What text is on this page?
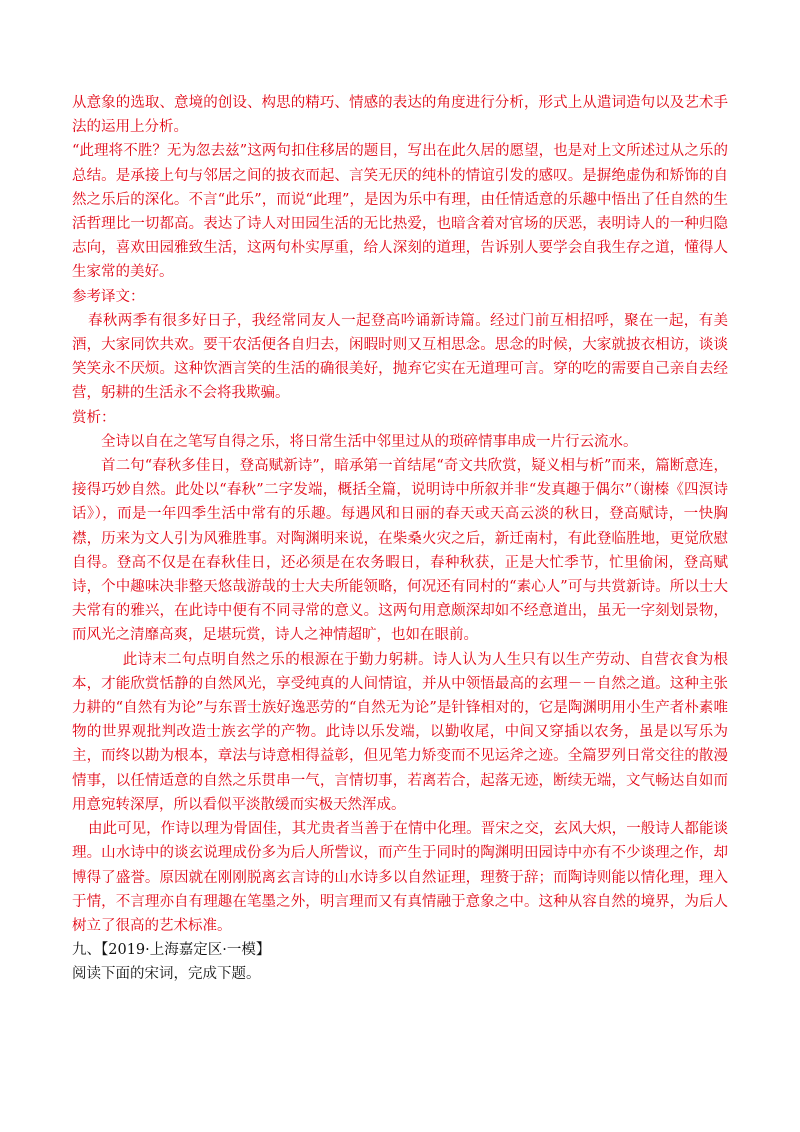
从意象的选取、意境的创设、构思的精巧、情感的表达的角度进行分析，形式上从遣词造句以及艺术手法的运用上分析。

“此理将不胜？无为忽去兹”这两句扣住移居的题目，写出在此久居的愿望，也是对上文所述过从之乐的总结。是承接上句与邻居之间的披衣而起、言笑无厌的纯朴的情谊引发的感叹。是摒绝虚伪和矫饰的自然之乐后的深化。不言“此乐”，而说“此理”，是因为乐中有理，由任情适意的乐趣中悟出了任自然的生活哲理比一切都高。表达了诗人对田园生活的无比热爱，也暗含着对官场的厌恶，表明诗人的一种归隐志向，喜欢田园雅致生活，这两句朴实厚重，给人深刻的道理，告诉别人要学会自我生存之道，懂得人生家常的美好。

参考译文：

春秋两季有很多好日子，我经常同友人一起登高吟诵新诗篇。经过门前互相招呼，聚在一起，有美酒，大家同饮共欢。要干农活便各自归去，闲暇时则又互相思念。思念的时候，大家就披衣相访，谈谈笑笑永不厌烦。这种饮酒言笑的生活的确很美好，抛弃它实在无道理可言。穿的吃的需要自己亲自去经营，躬耕的生活永不会将我欺骗。

赏析：

全诗以自在之笔写自得之乐，将日常生活中邻里过从的琐碎情事串成一片行云流水。

首二句“春秋多佳日，登高赋新诗”，暗承第一首结尾“奇文共欣赏，疑义相与析”而来，篇断意连，接得巧妙自然。此处以“春秋”二字发端，概括全篇，说明诗中所叙并非“发真趣于偶尔”（谢榛《四溟诗话》），而是一年四季生活中常有的乐趣。每遇风和日丽的春天或天高云淡的秋日，登高赋诗，一快胸襟，历来为文人引为风雅胜事。对陶渊明来说，在柴桑火灾之后，新迁南村，有此登临胜地，更觉欣慰自得。登高不仅是在春秋佳日，还必须是在农务暇日，春种秋获，正是大忙季节，忙里偷闲，登高赋诗，个中趣味决非整天悠哉游哉的士大夫所能领略，何况还有同村的“素心人”可与共赏新诗。所以士大夫常有的雅兴，在此诗中便有不同寻常的意义。这两句用意颇深却如不经意道出，虽无一字刻划景物，而风光之清靡高爽，足堪玩赏，诗人之神情超旷，也如在眼前。

此诗末二句点明自然之乐的根源在于勤力躬耕。诗人认为人生只有以生产劳动、自营衣食为根本，才能欣赏恬静的自然风光，享受纯真的人间情谊，并从中领悟最高的玄理－－自然之道。这种主张力耕的“自然有为论”与东晋士族好逸恶劳的“自然无为论”是针锋相对的，它是陶渊明用小生产者朴素唯物的世界观批判改造士族玄学的产物。此诗以乐发端，以勤收尾，中间又穿插以农务，虽是以写乐为主，而终以勘为根本，章法与诗意相得益彰，但见笔力矫变而不见运斧之迹。全篇罗列日常交往的散漫情事，以任情适意的自然之乐贯串一气，言情切事，若离若合，起落无迹，断续无端，文气畅达自如而用意宛转深厚，所以看似平淡散缓而实极天然浑成。

由此可见，作诗以理为骨固佳，其尤贵者当善于在情中化理。晋宋之交，玄风大炽，一般诗人都能谈理。山水诗中的谈玄说理成份多为后人所訾议，而产生于同时的陶渊明田园诗中亦有不少谈理之作，却博得了盛誉。原因就在刚刚脱离玄言诗的山水诗多以自然证理，理赘于辞；而陶诗则能以情化理，理入于情，不言理亦自有理趣在笔墨之外，明言理而又有真情融于意象之中。这种从容自然的境界，为后人树立了很高的艺术标准。

九、【2019·上海嘉定区·一模】

阅读下面的宋词，完成下题。
